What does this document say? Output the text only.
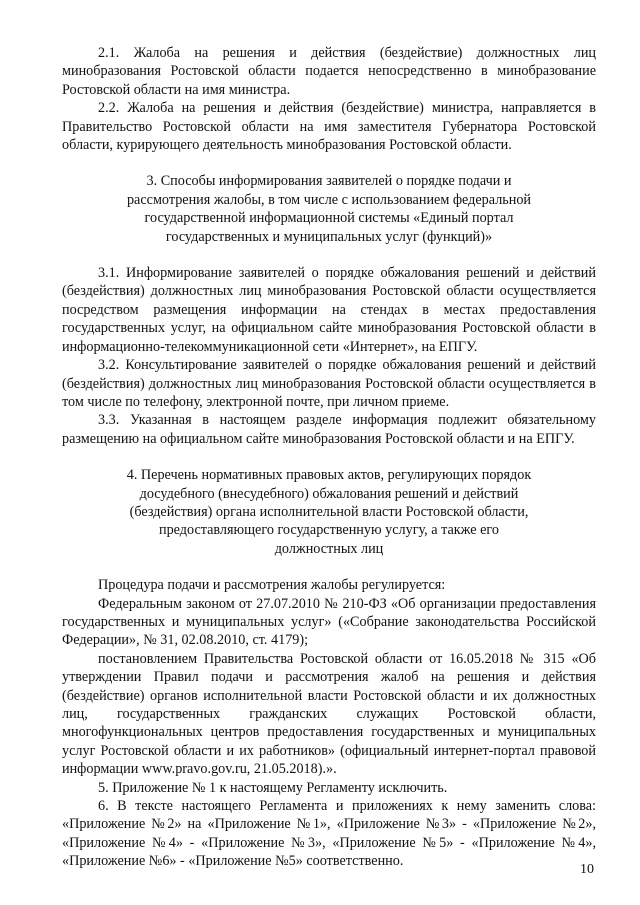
2.1. Жалоба на решения и действия (бездействие) должностных лиц минобразования Ростовской области подается непосредственно в минобразование Ростовской области на имя министра.

2.2. Жалоба на решения и действия (бездействие) министра, направляется в Правительство Ростовской области на имя заместителя Губернатора Ростовской области, курирующего деятельность минобразования Ростовской области.

3. Способы информирования заявителей о порядке подачи и рассмотрения жалобы, в том числе с использованием федеральной государственной информационной системы «Единый портал государственных и муниципальных услуг (функций)»

3.1. Информирование заявителей о порядке обжалования решений и действий (бездействия) должностных лиц минобразования Ростовской области осуществляется посредством размещения информации на стендах в местах предоставления государственных услуг, на официальном сайте минобразования Ростовской области в информационно-телекоммуникационной сети «Интернет», на ЕПГУ.

3.2. Консультирование заявителей о порядке обжалования решений и действий (бездействия) должностных лиц минобразования Ростовской области осуществляется в том числе по телефону, электронной почте, при личном приеме.

3.3. Указанная в настоящем разделе информация подлежит обязательному размещению на официальном сайте минобразования Ростовской области и на ЕПГУ.

4. Перечень нормативных правовых актов, регулирующих порядок досудебного (внесудебного) обжалования решений и действий (бездействия) органа исполнительной власти Ростовской области, предоставляющего государственную услугу, а также его должностных лиц

Процедура подачи и рассмотрения жалобы регулируется:

Федеральным законом от 27.07.2010 № 210-ФЗ «Об организации предоставления государственных и муниципальных услуг» («Собрание законодательства Российской Федерации», № 31, 02.08.2010, ст. 4179);

постановлением Правительства Ростовской области от 16.05.2018 № 315 «Об утверждении Правил подачи и рассмотрения жалоб на решения и действия (бездействие) органов исполнительной власти Ростовской области и их должностных лиц, государственных гражданских служащих Ростовской области, многофункциональных центров предоставления государственных и муниципальных услуг Ростовской области и их работников» (официальный интернет-портал правовой информации www.pravo.gov.ru, 21.05.2018).».

5. Приложение № 1 к настоящему Регламенту исключить.

6. В тексте настоящего Регламента и приложениях к нему заменить слова: «Приложение №2» на «Приложение №1», «Приложение №3» - «Приложение №2», «Приложение №4» - «Приложение №3», «Приложение №5» - «Приложение №4», «Приложение №6» - «Приложение №5» соответственно.

10
